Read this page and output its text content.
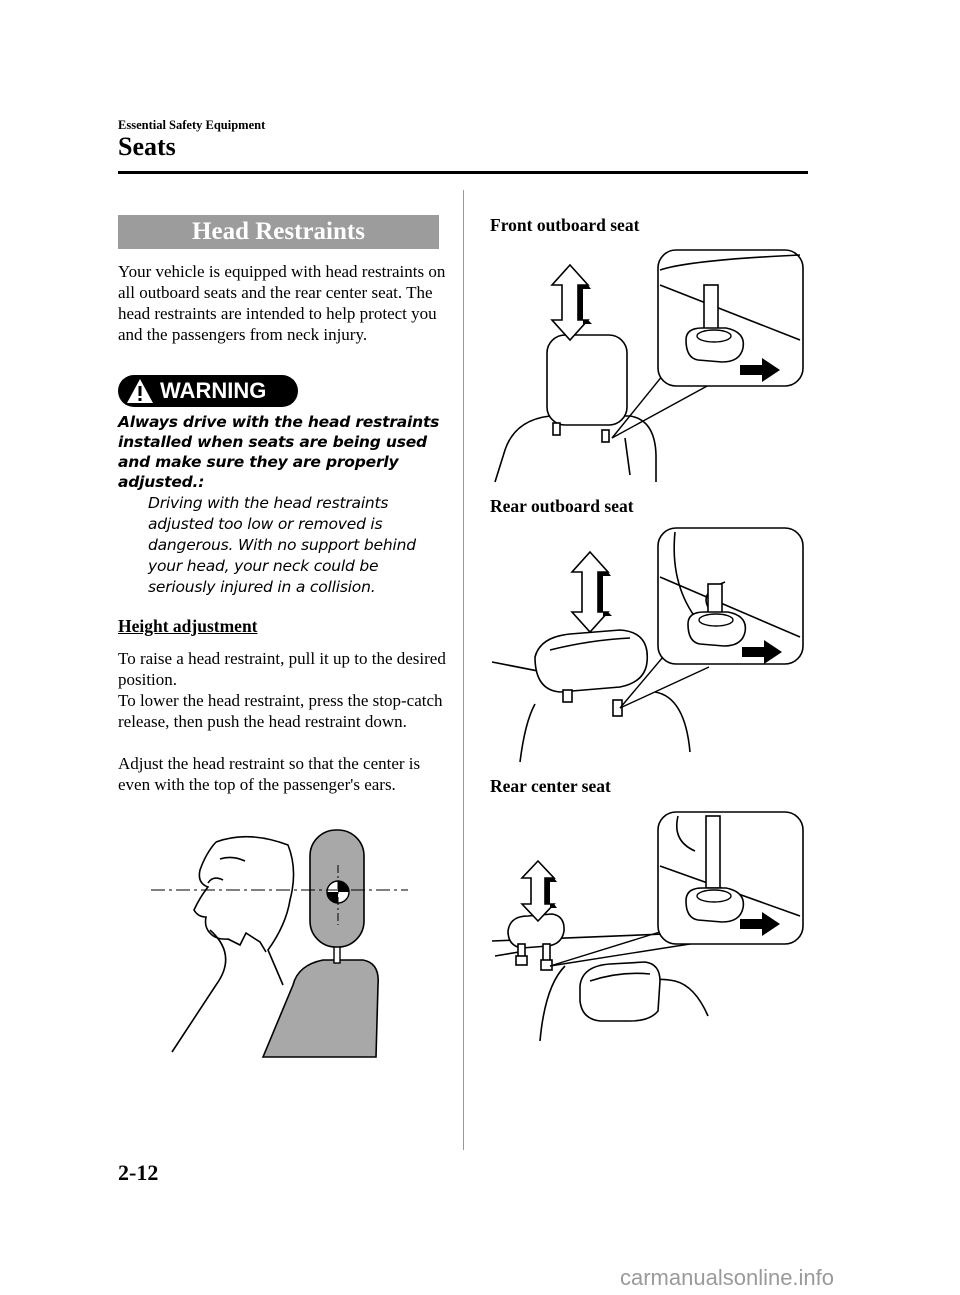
Essential Safety Equipment
Seats
Head Restraints
Your vehicle is equipped with head restraints on all outboard seats and the rear center seat. The head restraints are intended to help protect you and the passengers from neck injury.
WARNING
Always drive with the head restraints installed when seats are being used and make sure they are properly adjusted.:
Driving with the head restraints adjusted too low or removed is dangerous. With no support behind your head, your neck could be seriously injured in a collision.
Height adjustment
To raise a head restraint, pull it up to the desired position.
To lower the head restraint, press the stop-catch release, then push the head restraint down.
Adjust the head restraint so that the center is even with the top of the passenger's ears.
Front outboard seat
Rear outboard seat
Rear center seat
2-12
carmanualsonline.info
